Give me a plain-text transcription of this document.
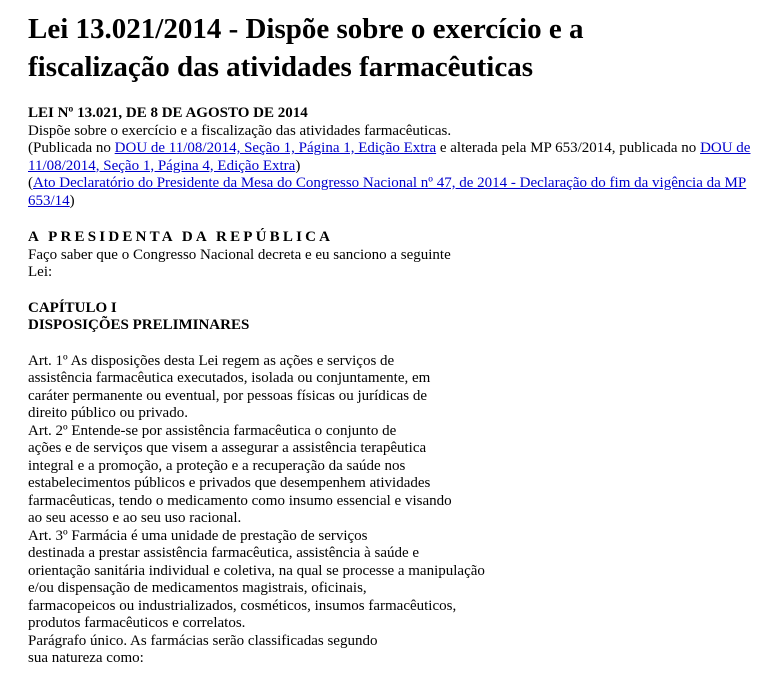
Lei 13.021/2014 - Dispõe sobre o exercício e a
fiscalização das atividades farmacêuticas
LEI Nº 13.021, DE 8 DE AGOSTO DE 2014
Dispõe sobre o exercício e a fiscalização das atividades farmacêuticas.
(Publicada no DOU de 11/08/2014, Seção 1, Página 1, Edição Extra e alterada pela MP 653/2014, publicada no DOU de 11/08/2014, Seção 1, Página 4, Edição Extra)
(Ato Declaratório do Presidente da Mesa do Congresso Nacional nº 47, de 2014 - Declaração do fim da vigência da MP 653/14)
A PRESIDENTA DA REPÚBLICA
Faço saber que o Congresso Nacional decreta e eu sanciono a seguinte
Lei:
CAPÍTULO I
DISPOSIÇÕES PRELIMINARES
Art. 1º As disposições desta Lei regem as ações e serviços de
assistência farmacêutica executados, isolada ou conjuntamente, em
caráter permanente ou eventual, por pessoas físicas ou jurídicas de
direito público ou privado.
Art. 2º Entende-se por assistência farmacêutica o conjunto de
ações e de serviços que visem a assegurar a assistência terapêutica
integral e a promoção, a proteção e a recuperação da saúde nos
estabelecimentos públicos e privados que desempenhem atividades
farmacêuticas, tendo o medicamento como insumo essencial e visando
ao seu acesso e ao seu uso racional.
Art. 3º Farmácia é uma unidade de prestação de serviços
destinada a prestar assistência farmacêutica, assistência à saúde e
orientação sanitária individual e coletiva, na qual se processe a manipulação
e/ou dispensação de medicamentos magistrais, oficinais,
farmacopeicos ou industrializados, cosméticos, insumos farmacêuticos,
produtos farmacêuticos e correlatos.
Parágrafo único. As farmácias serão classificadas segundo
sua natureza como:
